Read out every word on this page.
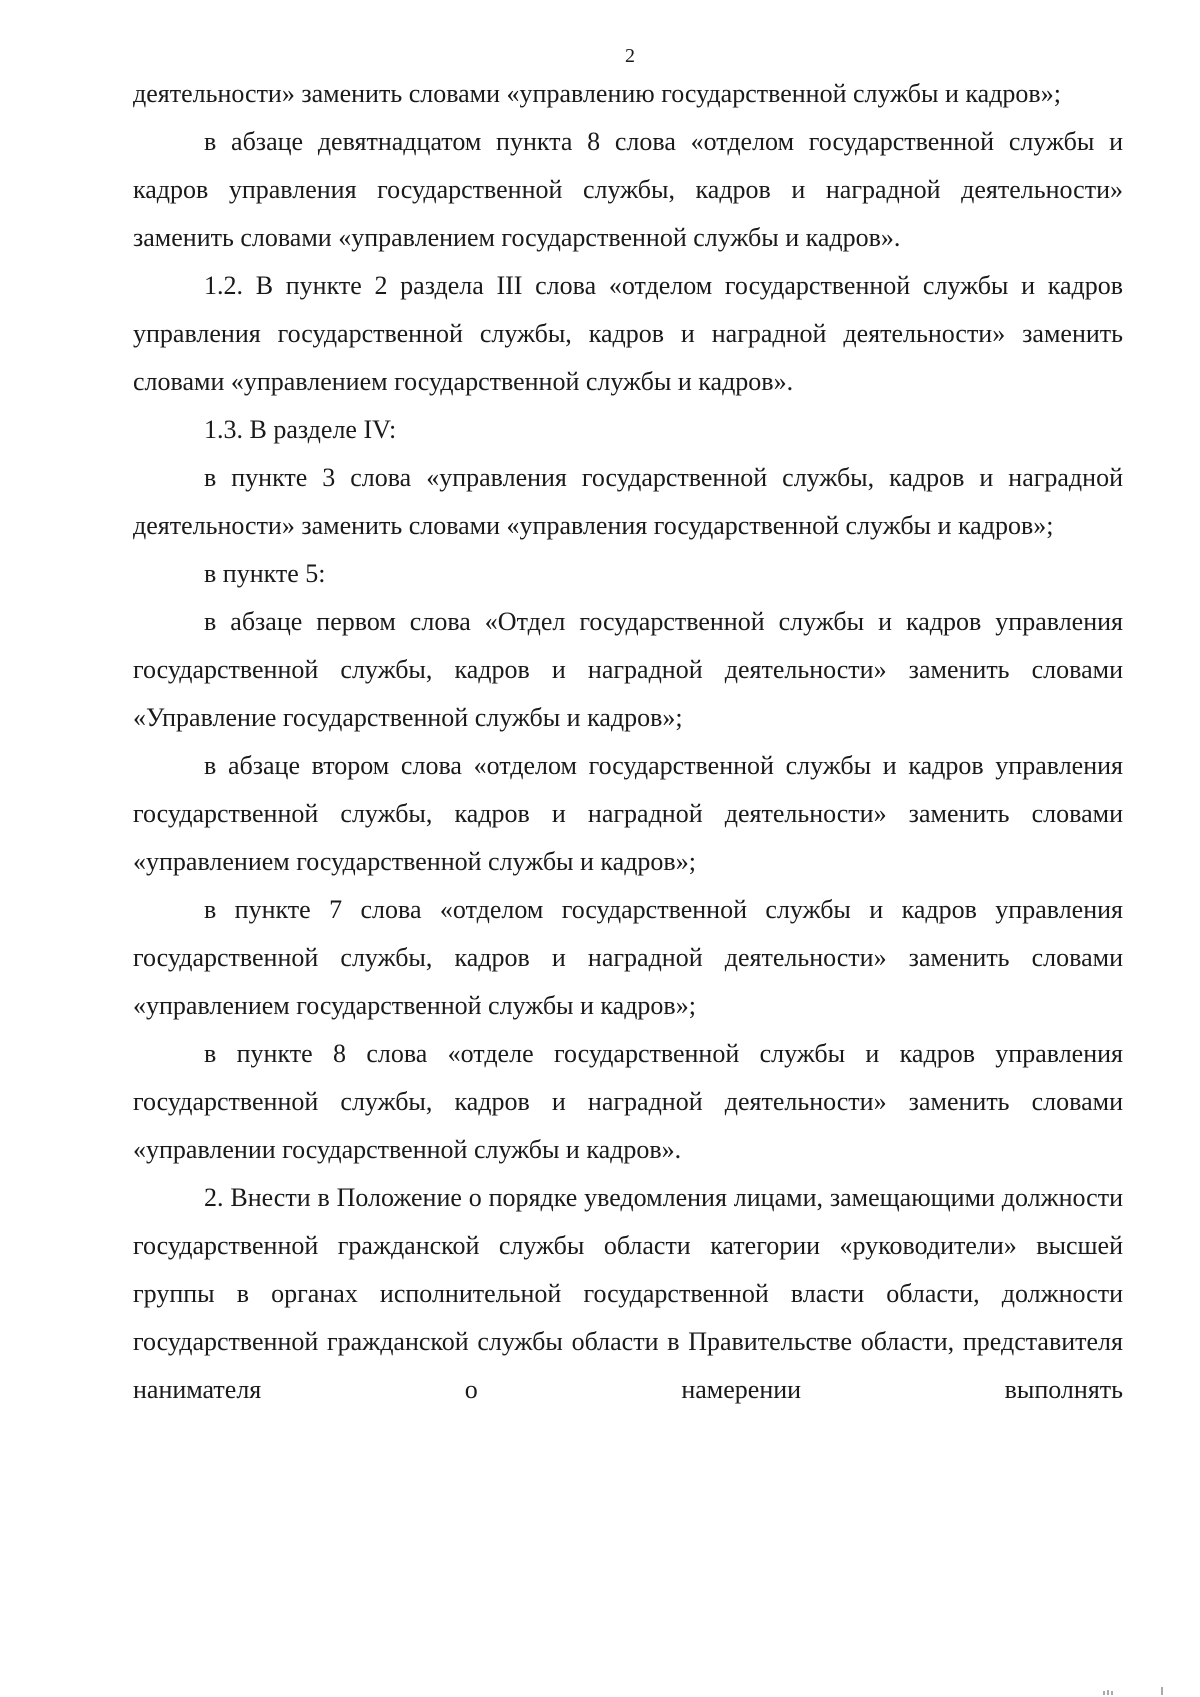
2

деятельности» заменить словами «управлению государственной службы и кадров»;

в абзаце девятнадцатом пункта 8 слова «отделом государственной службы и кадров управления государственной службы, кадров и наградной деятельности» заменить словами «управлением государственной службы и кадров».

1.2. В пункте 2 раздела III слова «отделом государственной службы и кадров управления государственной службы, кадров и наградной деятельности» заменить словами «управлением государственной службы и кадров».

1.3. В разделе IV:

в пункте 3 слова «управления государственной службы, кадров и наградной деятельности» заменить словами «управления государственной службы и кадров»;

в пункте 5:

в абзаце первом слова «Отдел государственной службы и кадров управления государственной службы, кадров и наградной деятельности» заменить словами «Управление государственной службы и кадров»;

в абзаце втором слова «отделом государственной службы и кадров управления государственной службы, кадров и наградной деятельности» заменить словами «управлением государственной службы и кадров»;

в пункте 7 слова «отделом государственной службы и кадров управления государственной службы, кадров и наградной деятельности» заменить словами «управлением государственной службы и кадров»;

в пункте 8 слова «отделе государственной службы и кадров управления государственной службы, кадров и наградной деятельности» заменить словами «управлении государственной службы и кадров».

2. Внести в Положение о порядке уведомления лицами, замещающими должности государственной гражданской службы области категории «руководители» высшей группы в органах исполнительной государственной власти области, должности государственной гражданской службы области в Правительстве области, представителя нанимателя о намерении выполнять
